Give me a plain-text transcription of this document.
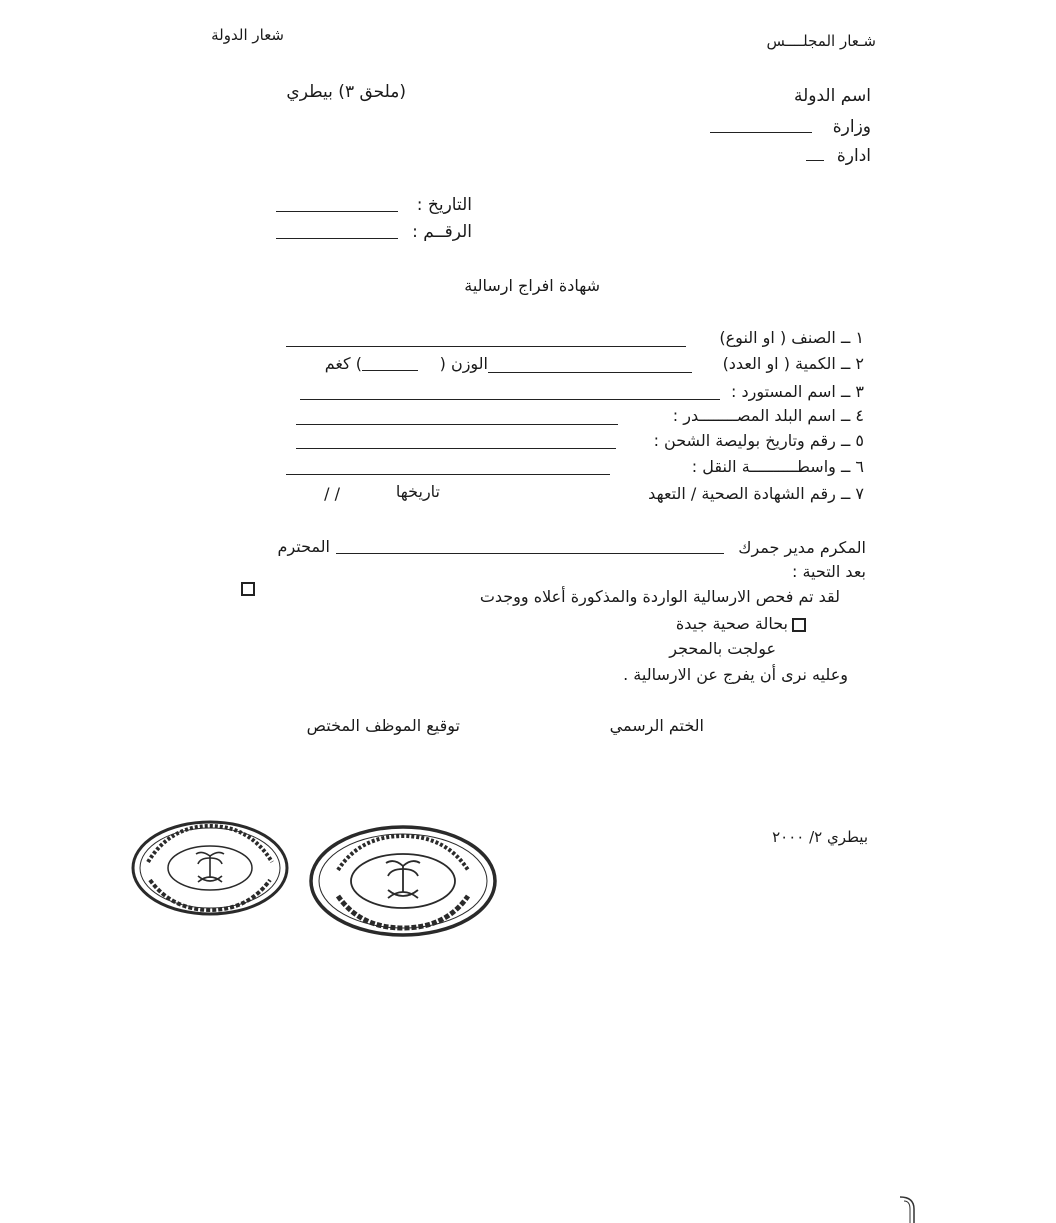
شـعار المجلــــس
شعار الدولة
(ملحق ٣) بيطري	اسم الدولة
وزارة
ادارة
التاريخ :
الرقــم :
شهادة افراج ارسالية
١ ــ الصنف ( او النوع)
٢ ــ الكمية ( او العدد)
الوزن (
) كغم
٣ ــ اسم المستورد :
٤ ــ اسم البلد المصــــــــدر :
٥ ــ رقم وتاريخ بوليصة الشحن :
٦ ــ واسطــــــــــة النقل :
٧ ــ رقم الشهادة الصحية / التعهد
تاريخها
/ /
المكرم مدير جمرك
المحترم
بعد التحية :
لقد تم فحص الارسالية الواردة والمذكورة أعلاه ووجدت
بحالة صحية جيدة
عولجت بالمحجر
وعليه نرى أن يفرج عن الارسالية .
الختم الرسمي
توقيع الموظف المختص
بيطري ٢/ ٢٠٠٠
